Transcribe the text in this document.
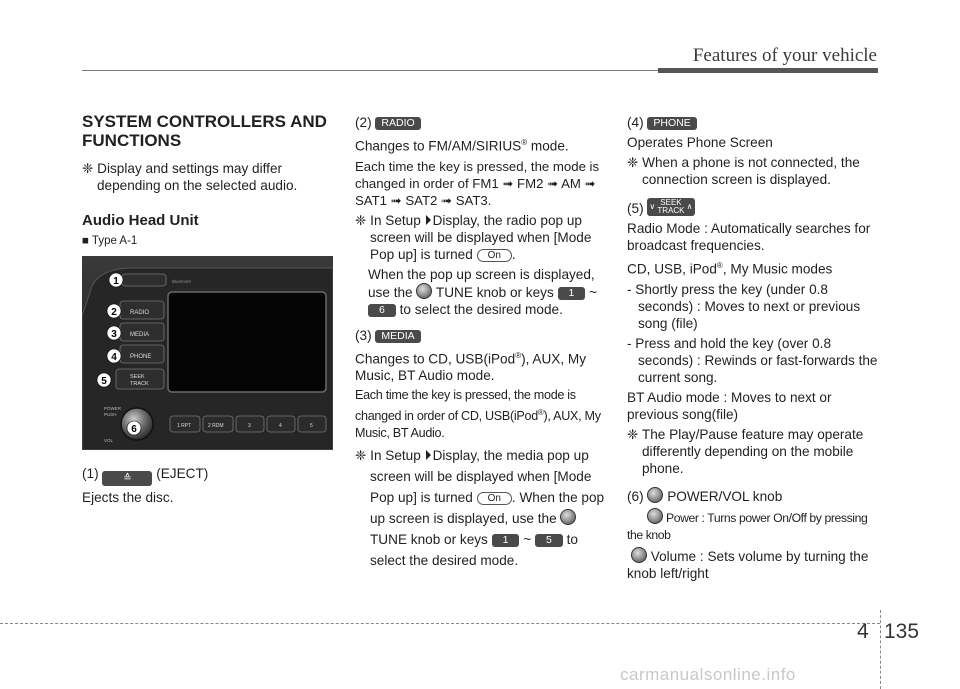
Features of your vehicle

SYSTEM CONTROLLERS AND FUNCTIONS

❈ Display and settings may differ depending on the selected audio.

Audio Head Unit

■ Type A-1

RADIO
MEDIA
PHONE
SEEK
TRACK
Bluetooth
POWER
PUSH
VOL
1 RPT	2 RDM	3	4	5
1
2
3
4
5
6

(1) ≙ (EJECT)

Ejects the disc.

(2) RADIO

Changes to FM/AM/SIRIUS® mode.

Each time the key is pressed, the mode is changed in order of FM1 ➟ FM2 ➟ AM ➟ SAT1 ➟ SAT2 ➟ SAT3.

❈ In Setup Display, the radio pop up screen will be displayed when [Mode Pop up] is turned On .

When the pop up screen is displayed, use the TUNE knob or keys 1 ~ 6 to select the desired mode.

(3) MEDIA

Changes to CD, USB(iPod®), AUX, My Music, BT Audio mode.

Each time the key is pressed, the mode is changed in order of CD, USB(iPod®), AUX, My Music, BT Audio.

❈ In Setup Display, the media pop up screen will be displayed when [Mode Pop up] is turned On . When the pop up screen is displayed, use the  TUNE knob or keys 1 ~ 5 to select the desired mode.

(4) PHONE

Operates Phone Screen

❈ When a phone is not connected, the connection screen is displayed.

(5) ∨ SEEK
TRACK ∧

Radio Mode : Automatically searches for broadcast frequencies.

CD, USB, iPod®, My Music modes

- Shortly press the key (under 0.8 seconds) : Moves to next or previous song (file)

- Press and hold the key (over 0.8 seconds) : Rewinds or fast-forwards the current song.

BT Audio mode : Moves to next or previous song(file)

❈ The Play/Pause feature may operate differently depending on the mobile phone.

(6) POWER/VOL knob

Power : Turns power On/Off by pressing the knob

Volume : Sets volume by turning the knob left/right

4 135
carmanualsonline.info
